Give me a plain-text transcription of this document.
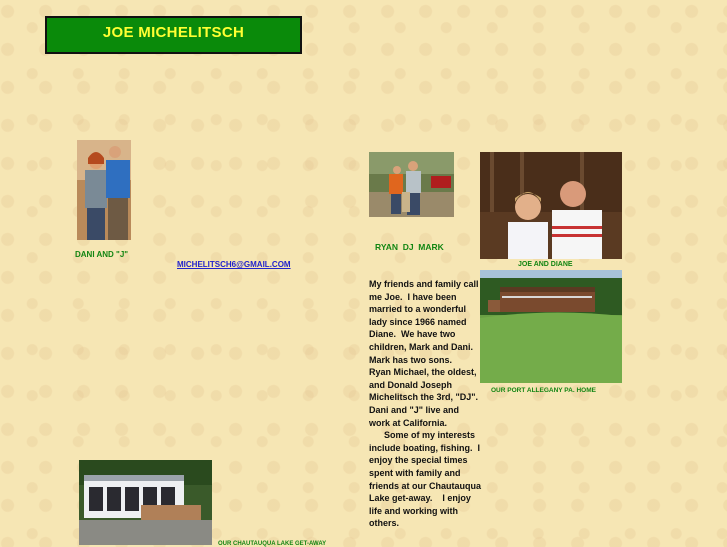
JOE MICHELITSCH
DANI AND "J"
MICHELITSCH6@GMAIL.COM
RYAN  DJ  MARK
JOE AND DIANE
OUR PORT ALLEGANY PA. HOME
My friends and family call me Joe.  I have been married to a wonderful lady since 1966 named Diane.  We have two children, Mark and Dani.  Mark has two sons.   Ryan Michael, the oldest, and Donald Joseph Michelitsch the 3rd, "DJ".  Dani and "J" live and work at California.
Some of my interests include boating, fishing.  I enjoy the special times spent with family and friends at our Chautauqua Lake get-away.    I enjoy life and working with others.
OUR CHAUTAUQUA LAKE GET-AWAY
